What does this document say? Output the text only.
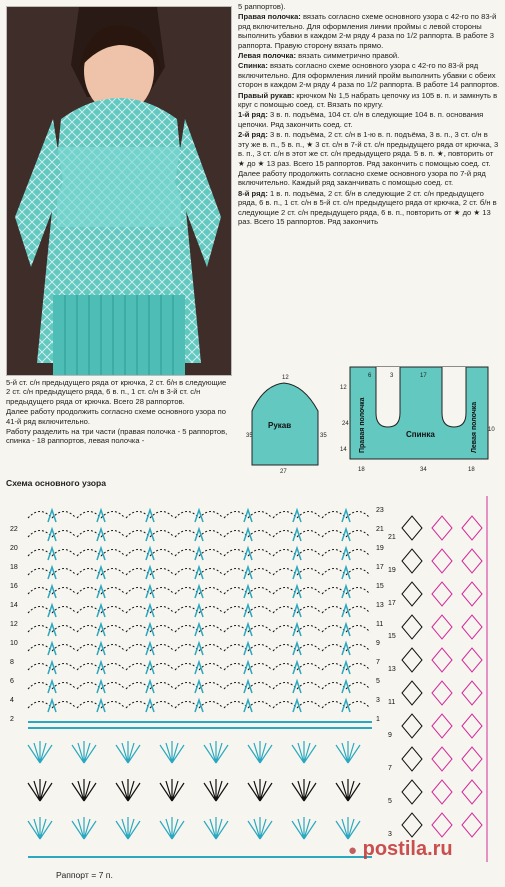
5 раппортов).

Правая полочка: вязать согласно схеме основного узора с 42-го по 83-й ряд включительно. Для оформления линии проймы с левой стороны выполнить убавки в каждом 2-м ряду 4 раза по 1/2 раппорта. В работе 3 раппорта. Правую сторону вязать прямо.

Левая полочка: вязать симметрично правой.

Спинка: вязать согласно схеме основного узора с 42-го по 83-й ряд включительно. Для оформления линий пройм выполнить убавки с обеих сторон в каждом 2-м ряду 4 раза по 1/2 раппорта. В работе 14 раппортов.

Правый рукав: крючком № 1,5 набрать цепочку из 105 в. п. и замкнуть в круг с помощью соед. ст. Вязать по кругу.

1-й ряд: 3 в. п. подъёма, 104 ст. с/н в следующие 104 в. п. основания цепочки. Ряд закончить соед. ст.

2-й ряд: 3 в. п. подъёма, 2 ст. с/н в 1-ю в. п. подъёма, 3 в. п., 3 ст. с/н в эту же в. п., 5 в. п., ★ 3 ст. с/н в 7-й ст. с/н предыдущего ряда от крючка, 3 в. п., 3 ст. с/н в этот же ст. с/н предыдущего ряда. 5 в. п. ★, повторить от ★ до ★ 13 раз. Всего 15 раппортов. Ряд закончить с помощью соед. ст.

Далее работу продолжить согласно схеме основного узора по 7-й ряд включительно. Каждый ряд заканчивать с помощью соед. ст.

8-й ряд: 1 в. п. подъёма, 2 ст. б/н в следующие 2 ст. с/н предыдущего ряда, 6 в. п., 1 ст. с/н в 5-й ст. с/н предыдущего ряда от крючка, 2 ст. б/н в следующие 2 ст. с/н предыдущего ряда, 6 в. п., повторить от ★ до ★ 13 раз. Всего 15 раппортов. Ряд закончить

5-й ст. с/н предыдущего ряда от крючка, 2 ст. б/н в следующие 2 ст. с/н предыдущего ряда, 6 в. п., 1 ст. с/н в 3-й ст. с/н предыдущего ряда от крючка. Всего 28 раппортов.

Далее работу продолжить согласно схеме основного узора по 41-й ряд включительно.

Работу разделить на три части (правая полочка - 5 раппортов, спинка - 18 раппортов, левая полочка -

Рукав
Спинка
Правая полочка	Левая полочка
12
35	35
27
24
12
14
34
18	18
17
6	3
10
Схема основного узора
22
20
18
16
14
12
10
8
6
4
2
23
21
19
17
15
13
11
9
7
5
3
1
21
19
17
15
13
11
9
7
5
3
Раппорт = 7 п.
● postila.ru
